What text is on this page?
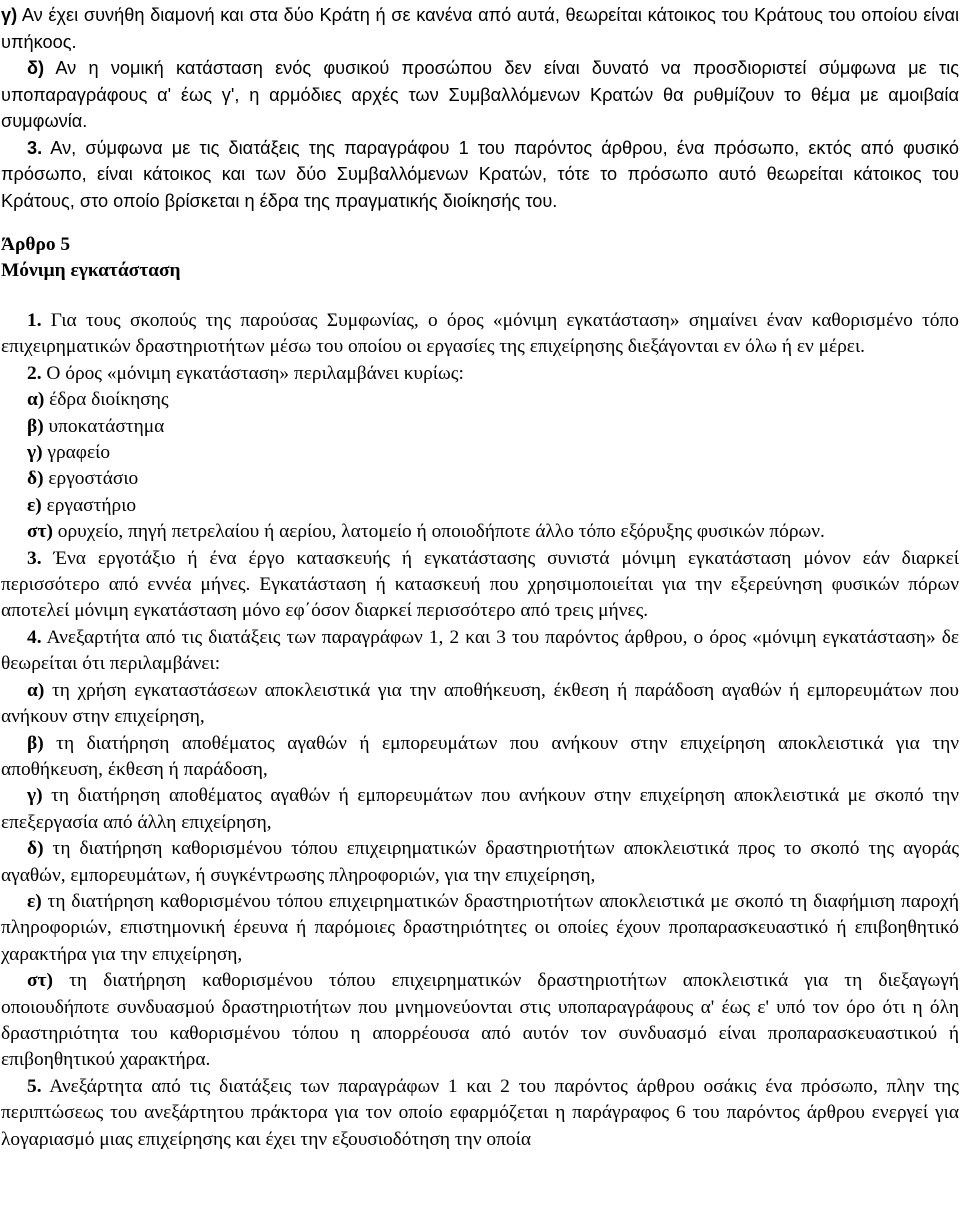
γ) Αν έχει συνήθη διαμονή και στα δύο Κράτη ή σε κανένα από αυτά, θεωρείται κάτοικος του Κράτους του οποίου είναι υπήκοος.

δ) Αν η νομική κατάσταση ενός φυσικού προσώπου δεν είναι δυνατό να προσδιοριστεί σύμφωνα με τις υποπαραγράφους α' έως γ', η αρμόδιες αρχές των Συμβαλλόμενων Κρατών θα ρυθμίζουν το θέμα με αμοιβαία συμφωνία.

3. Αν, σύμφωνα με τις διατάξεις της παραγράφου 1 του παρόντος άρθρου, ένα πρόσωπο, εκτός από φυσικό πρόσωπο, είναι κάτοικος και των δύο Συμβαλλόμενων Κρατών, τότε το πρόσωπο αυτό θεωρείται κάτοικος του Κράτους, στο οποίο βρίσκεται η έδρα της πραγματικής διοίκησής του.

Άρθρο 5

Μόνιμη εγκατάσταση

1. Για τους σκοπούς της παρούσας Συμφωνίας, ο όρος «μόνιμη εγκατάσταση» σημαίνει έναν καθορισμένο τόπο επιχειρηματικών δραστηριοτήτων μέσω του οποίου οι εργασίες της επιχείρησης διεξάγονται εν όλω ή εν μέρει.

2. Ο όρος «μόνιμη εγκατάσταση» περιλαμβάνει κυρίως:

α) έδρα διοίκησης

β) υποκατάστημα

γ) γραφείο

δ) εργοστάσιο

ε) εργαστήριο

στ) ορυχείο, πηγή πετρελαίου ή αερίου, λατομείο ή οποιοδήποτε άλλο τόπο εξόρυξης φυσικών πόρων.

3. Ένα εργοτάξιο ή ένα έργο κατασκευής ή εγκατάστασης συνιστά μόνιμη εγκατάσταση μόνον εάν διαρκεί περισσότερο από εννέα μήνες. Εγκατάσταση ή κατασκευή που χρησιμοποιείται για την εξερεύνηση φυσικών πόρων αποτελεί μόνιμη εγκατάσταση μόνο εφ΄όσον διαρκεί περισσότερο από τρεις μήνες.

4. Ανεξαρτήτα από τις διατάξεις των παραγράφων 1, 2 και 3 του παρόντος άρθρου, ο όρος «μόνιμη εγκατάσταση» δε θεωρείται ότι περιλαμβάνει:

α) τη χρήση εγκαταστάσεων αποκλειστικά για την αποθήκευση, έκθεση ή παράδοση αγαθών ή εμπορευμάτων που ανήκουν στην επιχείρηση,

β) τη διατήρηση αποθέματος αγαθών ή εμπορευμάτων που ανήκουν στην επιχείρηση αποκλειστικά για την αποθήκευση, έκθεση ή παράδοση,

γ) τη διατήρηση αποθέματος αγαθών ή εμπορευμάτων που ανήκουν στην επιχείρηση αποκλειστικά με σκοπό την επεξεργασία από άλλη επιχείρηση,

δ) τη διατήρηση καθορισμένου τόπου επιχειρηματικών δραστηριοτήτων αποκλειστικά προς το σκοπό της αγοράς αγαθών, εμπορευμάτων, ή συγκέντρωσης πληροφοριών, για την επιχείρηση,

ε) τη διατήρηση καθορισμένου τόπου επιχειρηματικών δραστηριοτήτων αποκλειστικά με σκοπό τη διαφήμιση παροχή πληροφοριών, επιστημονική έρευνα ή παρόμοιες δραστηριότητες οι οποίες έχουν προπαρασκευαστικό ή επιβοηθητικό χαρακτήρα για την επιχείρηση,

στ) τη διατήρηση καθορισμένου τόπου επιχειρηματικών δραστηριοτήτων αποκλειστικά για τη διεξαγωγή οποιουδήποτε συνδυασμού δραστηριοτήτων που μνημονεύονται στις υποπαραγράφους α' έως ε' υπό τον όρο ότι η όλη δραστηριότητα του καθορισμένου τόπου η απορρέουσα από αυτόν τον συνδυασμό είναι προπαρασκευαστικού ή επιβοηθητικού χαρακτήρα.

5. Ανεξάρτητα από τις διατάξεις των παραγράφων 1 και 2 του παρόντος άρθρου οσάκις ένα πρόσωπο, πλην της περιπτώσεως του ανεξάρτητου πράκτορα για τον οποίο εφαρμόζεται η παράγραφος 6 του παρόντος άρθρου ενεργεί για λογαριασμό μιας επιχείρησης και έχει την εξουσιοδότηση την οποία
